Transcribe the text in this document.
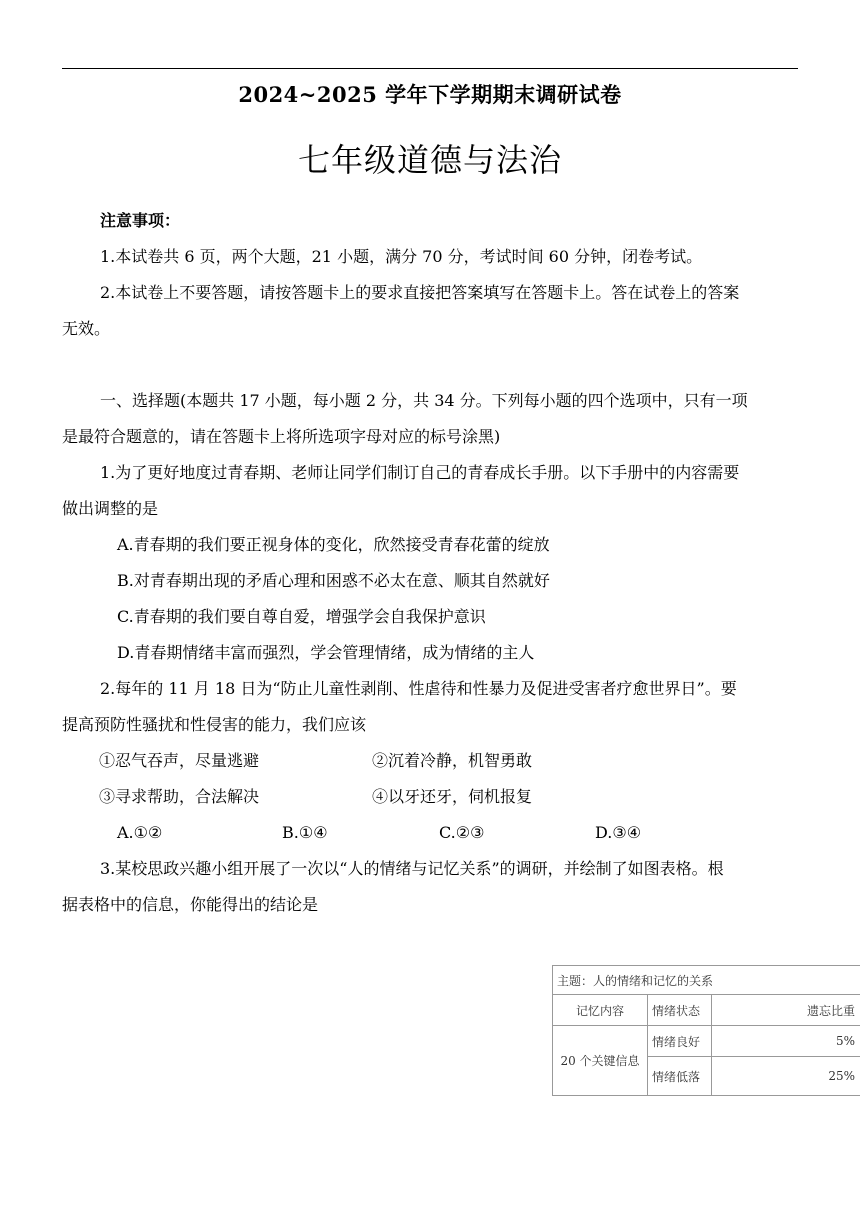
2024~2025 学年下学期期末调研试卷
七年级道德与法治
注意事项：
1.本试卷共 6 页，两个大题，21 小题，满分 70 分，考试时间 60 分钟，闭卷考试。
2.本试卷上不要答题，请按答题卡上的要求直接把答案填写在答题卡上。答在试卷上的答案
无效。
一、选择题(本题共 17 小题，每小题 2 分，共 34 分。下列每小题的四个选项中，只有一项
是最符合题意的，请在答题卡上将所选项字母对应的标号涂黑)
1.为了更好地度过青春期、老师让同学们制订自己的青春成长手册。以下手册中的内容需要
做出调整的是
A.青春期的我们要正视身体的变化，欣然接受青春花蕾的绽放
B.对青春期出现的矛盾心理和困惑不必太在意、顺其自然就好
C.青春期的我们要自尊自爱，增强学会自我保护意识
D.青春期情绪丰富而强烈，学会管理情绪，成为情绪的主人
2.每年的 11 月 18 日为“防止儿童性剥削、性虐待和性暴力及促进受害者疗愈世界日”。要
提高预防性骚扰和性侵害的能力，我们应该
①忍气吞声，尽量逃避	②沉着冷静，机智勇敢
③寻求帮助，合法解决	④以牙还牙，伺机报复
A.①②	B.①④	C.②③	D.③④
3.某校思政兴趣小组开展了一次以“人的情绪与记忆关系”的调研，并绘制了如图表格。根
据表格中的信息，你能得出的结论是
主题：人的情绪和记忆的关系		
记忆内容	情绪状态	遗忘比重
20 个关键信息	情绪良好	5%
	情绪低落	25%
